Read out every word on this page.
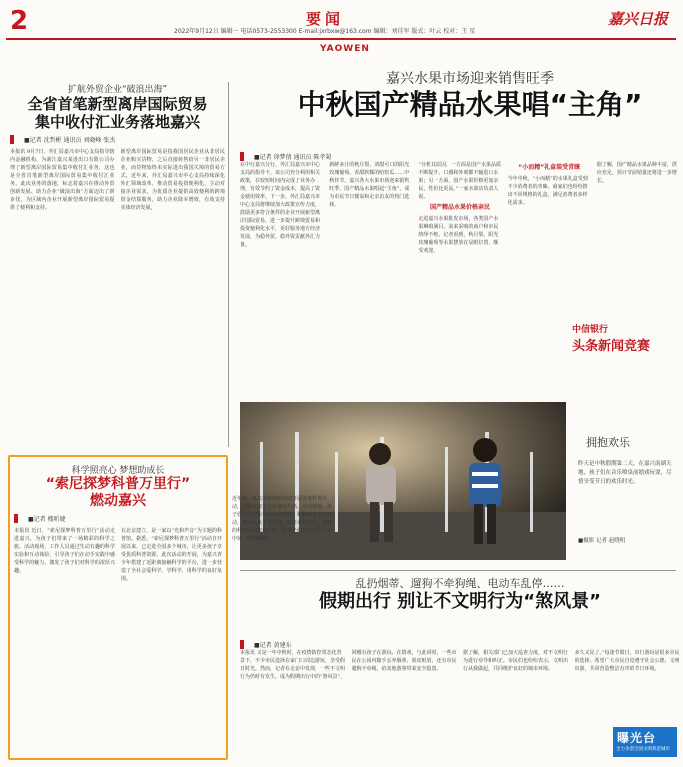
2	要闻
2022年9月12日 编辑一 电话0573-2553300 E-mail:jxrbxw@163.com 编辑：刘佳军 版式：叶云 校对：王 星
嘉兴日报
YAOWEN
扩航外贸企业“破浪出海”
全省首笔新型离岸国际贸易
集中收付汇业务落地嘉兴
■记者 沈哲彬 通讯员 刘晓峰 张杰
本报讯 9月7日，外汇局嘉兴市中心支局指导辖内金融机构，为浙江嘉兴某进出口有限公司办理了新型离岸国际贸易集中收付汇业务，这也是全省首笔新型离岸国际贸易集中收付汇业务。此次业务的落地，标志着嘉兴在推动外贸创新发展、助力企业“破浪出海”方面迈出了新步伐，为区域内企业开展新型离岸国际贸易提供了便利和支持。
新型离岸国际贸易是指我国居民企业从非居民企业购买货物，之后直接转售给另一非居民企业，而货物始终未实际进出我国关境的贸易方式。近年来，外汇局嘉兴市中心支局持续深化外汇领域改革，推动贸易投资便利化，主动对接企业需求，为优质企业提供高效便利的跨境资金结算服务，助力企业降本增效，有效支持实体经济发展。
嘉兴水果市场迎来销售旺季
中秋国产精品水果唱“主角”
■记者 徐梦倩 通讯员 陈孝菊
在中行嘉兴分行、外汇局嘉兴市中心支局的指导下，该公司充分利用相关政策，在较短时间内完成了业务办理，有效节约了资金成本，提高了资金使用效率。下一步，外汇局嘉兴市中心支局将继续加大政策宣传力度，鼓励更多符合条件的企业开展新型离岸国际贸易，进一步提升跨境贸易和投资便利化水平，更好服务地方经济发展，为稳外贸、稳外资贡献外汇力量。
新鲜多汁的秋月梨、清甜可口的阳光玫瑰葡萄、香甜软糯的哈密瓜……中秋佳节，嘉兴各大水果市场迎来销售旺季，国产精品水果唱起“主角”，成为市民节日餐桌和走亲访友的热门选择。
“分析其原因，一方面是国产水果品质不断提升，口感和外观都不输进口水果；另一方面，国产水果价格更加亲民，性价比更高。”一家水果店负责人说。
国产精品水果价格亲民
走进嘉兴水果批发市场，各类国产水果琳琅满目，前来采购的商户和市民络绎不绝。记者看到，秋月梨、阳光玫瑰葡萄等水果摆放在显眼位置，颇受欢迎。
“小而精”礼盒装受青睐
今年中秋，“小而精”的水果礼盒受到不少消费者的青睐。商家们也纷纷推出不同规格的礼盒，满足消费者多样化需求。
据了解，国产精品水果品种丰富，供应充足，预计节前销量还将进一步增长。
中信银行
头条新闻竞赛
拥抱欢乐
昨天是中秋假期第二天，在嘉兴南湖天地，孩子们在音乐喷泉前嬉戏玩耍，尽情享受节日的欢乐时光。
■摄影 记者 赵晓明
科学照亮心 梦想助成长
“索尼探梦科普万里行”
燃动嘉兴
■记者 楼昕婕
本报讯 近日，“索尼探梦科普万里行”活动走进嘉兴，为孩子们带来了一场精彩的科学之旅。活动现场，工作人员通过生动有趣的科学实验和互动体验，引导孩子们在动手实践中感受科学的魅力，激发了孩子们对科学的浓厚兴趣。
在北京建立，是一家以“光和声音”为主题的科普馆。据悉，“索尼探梦科普万里行”活动自开展以来，已走进全国多个城市，让更多孩子享受优质科普资源。此次活动的开展，为嘉兴青少年搭建了近距离接触科学的平台，进一步营造了全社会爱科学、学科学、用科学的良好氛围。
近年来，嘉兴市科技馆持续开展各类科普活动，不断丰富青少年课余生活。活动现场，孩子们围在实验台前认真观察，积极举手参与互动，现场气氛十分热烈。许多家长表示，这样的科普活动寓教于乐，让孩子们在玩中学、学中玩，收获满满。
乱扔烟蒂、遛狗不牵狗绳、电动车乱停……
假期出行 别让不文明行为“煞风景”
■记者 黄建东
本报讯 又是一年中秋时，在疫情防控常态化背景下，不少市民选择在家门口周边游玩，享受假日时光。然而，记者在走访中发现，一些不文明行为仍时有发生，成为假期出行中的“煞风景”。
同哪有孩子在游玩、在嬉戏，与此同时，一些市民在公园内随手丢弃烟蒂、果皮纸屑，还有市民遛狗不牵绳，给其他游客带来安全隐患。
据了解，相关部门已加大巡查力度，对不文明行为进行劝导和纠正。市民们也纷纷表示，文明出行从我做起，共同维护良好的城市环境。
多久又见了。”每逢节假日，出行游玩是很多市民的选择。希望广大市民自觉遵守社会公德，文明出游，共同营造整洁有序的节日环境。
曝光台
全力争创全国文明典范城市
